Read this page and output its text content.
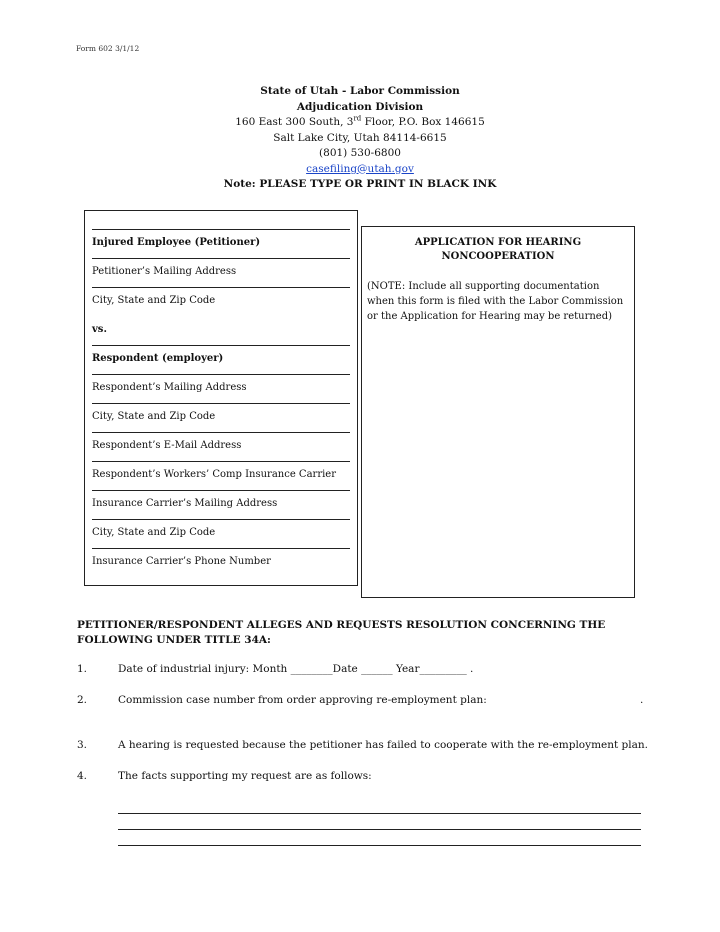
Form 602 3/1/12
State of Utah - Labor Commission
Adjudication Division
160 East 300 South, 3rd Floor, P.O. Box 146615
Salt Lake City, Utah 84114-6615
(801) 530-6800
casefiling@utah.gov
Note: PLEASE TYPE OR PRINT IN BLACK INK
Injured Employee (Petitioner)
Petitioner’s Mailing Address
City, State and Zip Code
vs.
Respondent (employer)
Respondent’s Mailing Address
City, State and Zip Code
Respondent’s E-Mail Address
Respondent’s Workers’ Comp Insurance Carrier
Insurance Carrier’s Mailing Address
City, State and Zip Code
Insurance Carrier’s Phone Number
APPLICATION FOR HEARING
NONCOOPERATION
(NOTE: Include all supporting documentation when this form is filed with the Labor Commission or the Application for Hearing may be returned)
PETITIONER/RESPONDENT ALLEGES AND REQUESTS RESOLUTION CONCERNING THE FOLLOWING UNDER TITLE 34A:
1.	Date of industrial injury: Month ________Date ______ Year_________ .
2.	Commission case number from order approving re-employment plan:	.
3.	A hearing is requested because the petitioner has failed to cooperate with the re-employment plan.
4.	The facts supporting my request are as follows:
